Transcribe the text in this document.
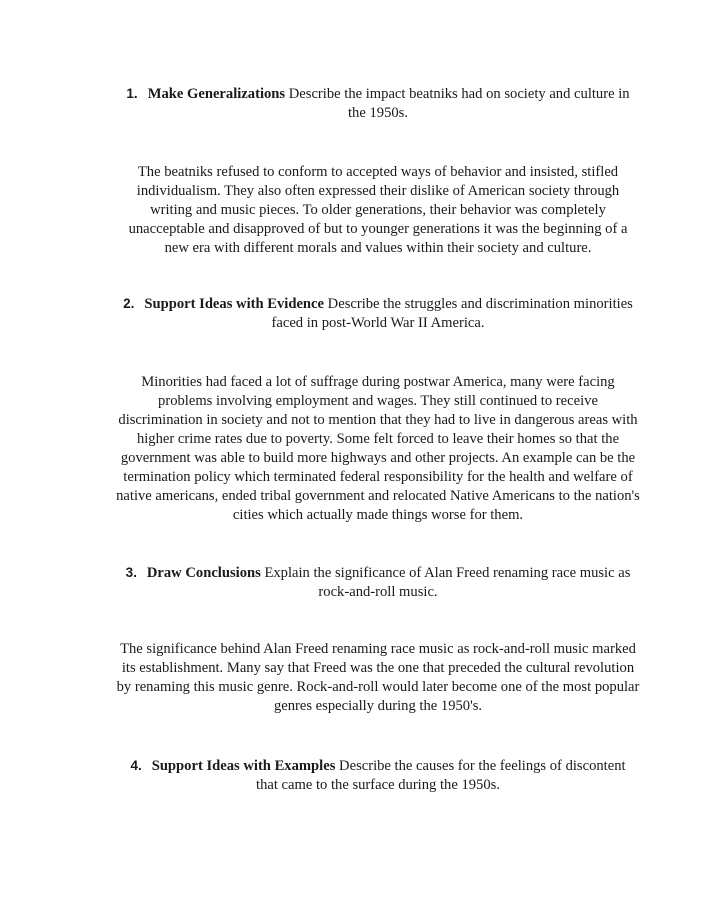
1. Make Generalizations Describe the impact beatniks had on society and culture in the 1950s.
The beatniks refused to conform to accepted ways of behavior and insisted, stifled individualism. They also often expressed their dislike of American society through writing and music pieces. To older generations, their behavior was completely unacceptable and disapproved of but to younger generations it was the beginning of a new era with different morals and values within their society and culture.
2. Support Ideas with Evidence Describe the struggles and discrimination minorities faced in post-World War II America.
Minorities had faced a lot of suffrage during postwar America, many were facing problems involving employment and wages. They still continued to receive discrimination in society and not to mention that they had to live in dangerous areas with higher crime rates due to poverty. Some felt forced to leave their homes so that the government was able to build more highways and other projects. An example can be the termination policy which terminated federal responsibility for the health and welfare of native americans, ended tribal government and relocated Native Americans to the nation's cities which actually made things worse for them.
3. Draw Conclusions Explain the significance of Alan Freed renaming race music as rock-and-roll music.
The significance behind Alan Freed renaming race music as rock-and-roll music marked its establishment. Many say that Freed was the one that preceded the cultural revolution by renaming this music genre. Rock-and-roll would later become one of the most popular genres especially during the 1950's.
4. Support Ideas with Examples Describe the causes for the feelings of discontent that came to the surface during the 1950s.
